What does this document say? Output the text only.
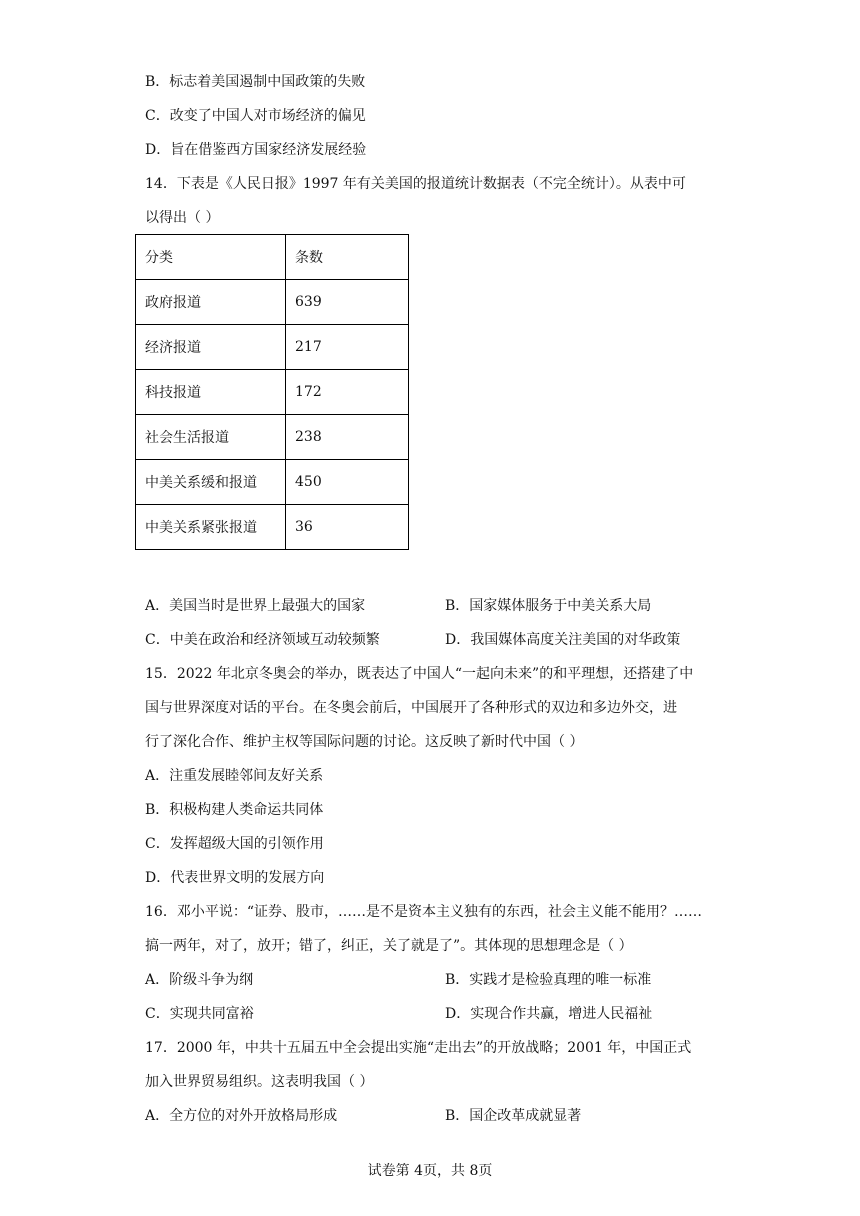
B．标志着美国遏制中国政策的失败
C．改变了中国人对市场经济的偏见
D．旨在借鉴西方国家经济发展经验
14．下表是《人民日报》1997 年有关美国的报道统计数据表（不完全统计）。从表中可
以得出（ ）
分类	条数
政府报道	639
经济报道	217
科技报道	172
社会生活报道	238
中美关系缓和报道	450
中美关系紧张报道	36
A．美国当时是世界上最强大的国家	B．国家媒体服务于中美关系大局
C．中美在政治和经济领域互动较频繁	D．我国媒体高度关注美国的对华政策
15．2022 年北京冬奥会的举办，既表达了中国人“一起向未来”的和平理想，还搭建了中
国与世界深度对话的平台。在冬奥会前后，中国展开了各种形式的双边和多边外交，进
行了深化合作、维护主权等国际问题的讨论。这反映了新时代中国（ ）
A．注重发展睦邻间友好关系
B．积极构建人类命运共同体
C．发挥超级大国的引领作用
D．代表世界文明的发展方向
16．邓小平说：“证券、股市，……是不是资本主义独有的东西，社会主义能不能用？……
搞一两年，对了，放开；错了，纠正，关了就是了”。其体现的思想理念是（ ）
A．阶级斗争为纲	B．实践才是检验真理的唯一标准
C．实现共同富裕	D．实现合作共赢，增进人民福祉
17．2000 年，中共十五届五中全会提出实施“走出去”的开放战略；2001 年，中国正式
加入世界贸易组织。这表明我国（ ）
A．全方位的对外开放格局形成	B．国企改革成就显著
试卷第 4页，共 8页
